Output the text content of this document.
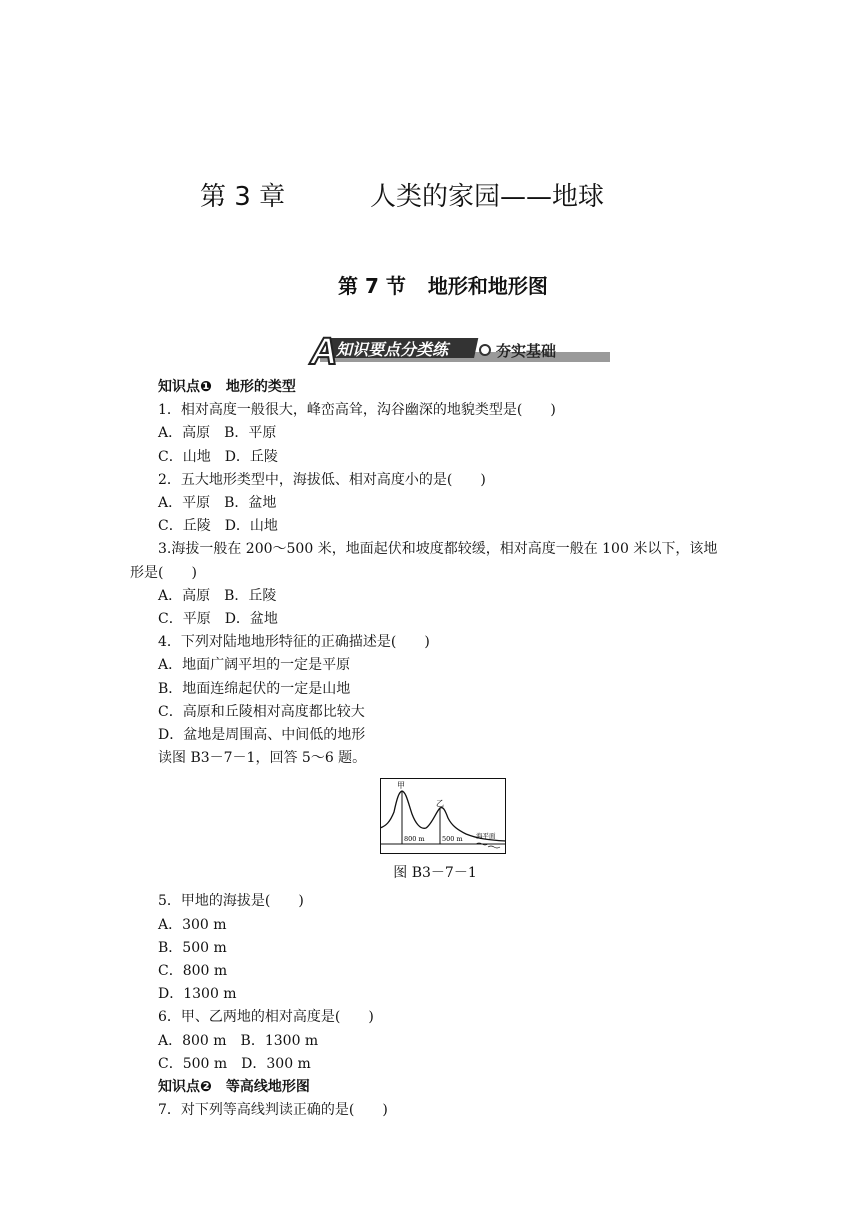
第 3 章	人类的家园——地球
第 7 节 地形和地形图
A
知识要点分类练	夯实基础

知识点❶ 地形的类型

1．相对高度一般很大，峰峦高耸，沟谷幽深的地貌类型是(　　)

A．高原　B．平原

C．山地　D．丘陵

2．五大地形类型中，海拔低、相对高度小的是(　　)

A．平原　B．盆地

C．丘陵　D．山地

3.海拔一般在 200～500 米，地面起伏和坡度都较缓，相对高度一般在 100 米以下，该地

形是(　　)

A．高原　B．丘陵

C．平原　D．盆地

4．下列对陆地地形特征的正确描述是(　　)

A．地面广阔平坦的一定是平原

B．地面连绵起伏的一定是山地

C．高原和丘陵相对高度都比较大

D．盆地是周围高、中间低的地形

读图 B3－7－1，回答 5～6 题。

甲
乙
800 m	500 m 海平面

图 B3－7－1

5．甲地的海拔是(　　)

A．300 m

B．500 m

C．800 m

D．1300 m

6．甲、乙两地的相对高度是(　　)

A．800 m　B．1300 m

C．500 m　D．300 m

知识点❷ 等高线地形图

7．对下列等高线判读正确的是(　　)
